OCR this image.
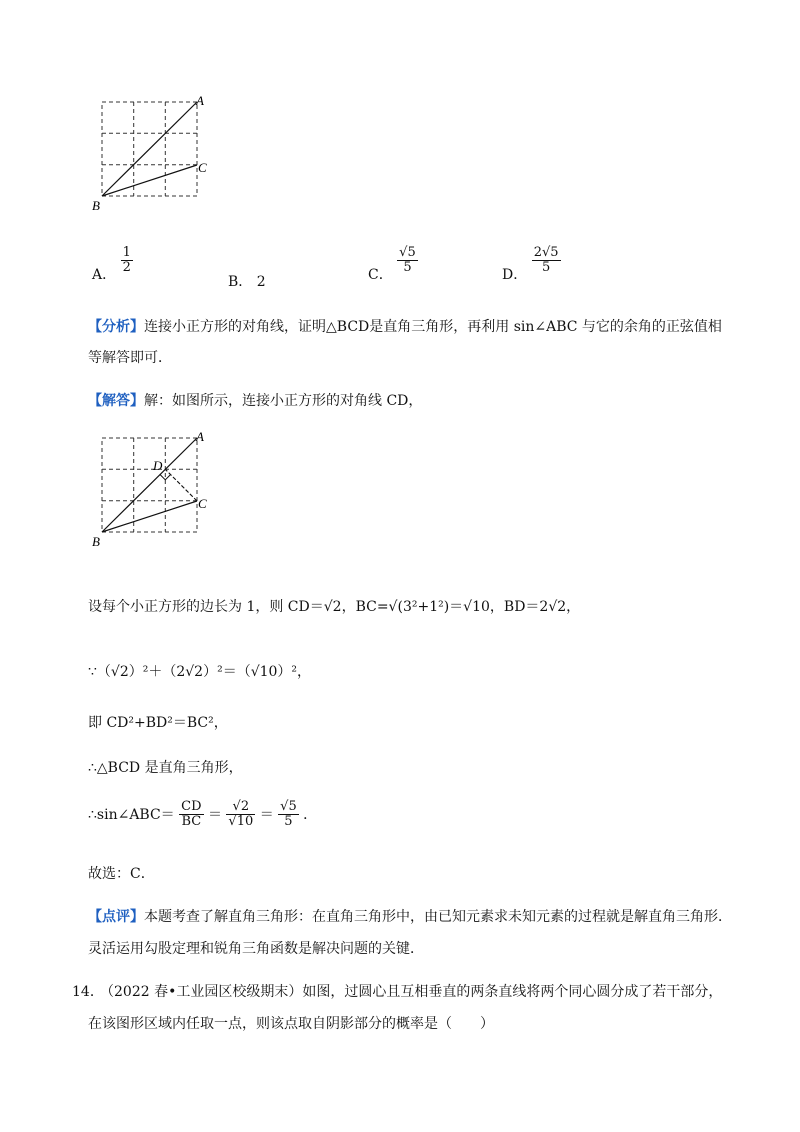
A
C
B
A． $\frac{1}{2}$
B． 2	C． $\frac{√5}{5}$	D． $\frac{2√5}{5}$
【分析】连接小正方形的对角线，证明△BCD是直角三角形，再利用 sin∠ABC 与它的余角的正弦值相
等解答即可．
【解答】解：如图所示，连接小正方形的对角线 CD，
A
D
C
B
设每个小正方形的边长为 1，则 CD＝√2，BC=√(3²+1²)＝√10，BD＝2√2，
∵（√2）²＋（2√2）²＝（√10）²，
即 CD²+BD²＝BC²，
∴△BCD 是直角三角形，
∴sin∠ABC＝ $\frac{CD}{BC} = \frac{√2}{√10} = \frac{√5}{5}$ ．
故选：C．
【点评】本题考查了解直角三角形：在直角三角形中，由已知元素求未知元素的过程就是解直角三角形．
灵活运用勾股定理和锐角三角函数是解决问题的关键．
14．
（2022 春•工业园区校级期末）如图，过圆心且互相垂直的两条直线将两个同心圆分成了若干部分，
在该图形区域内任取一点，则该点取自阴影部分的概率是（　　）
